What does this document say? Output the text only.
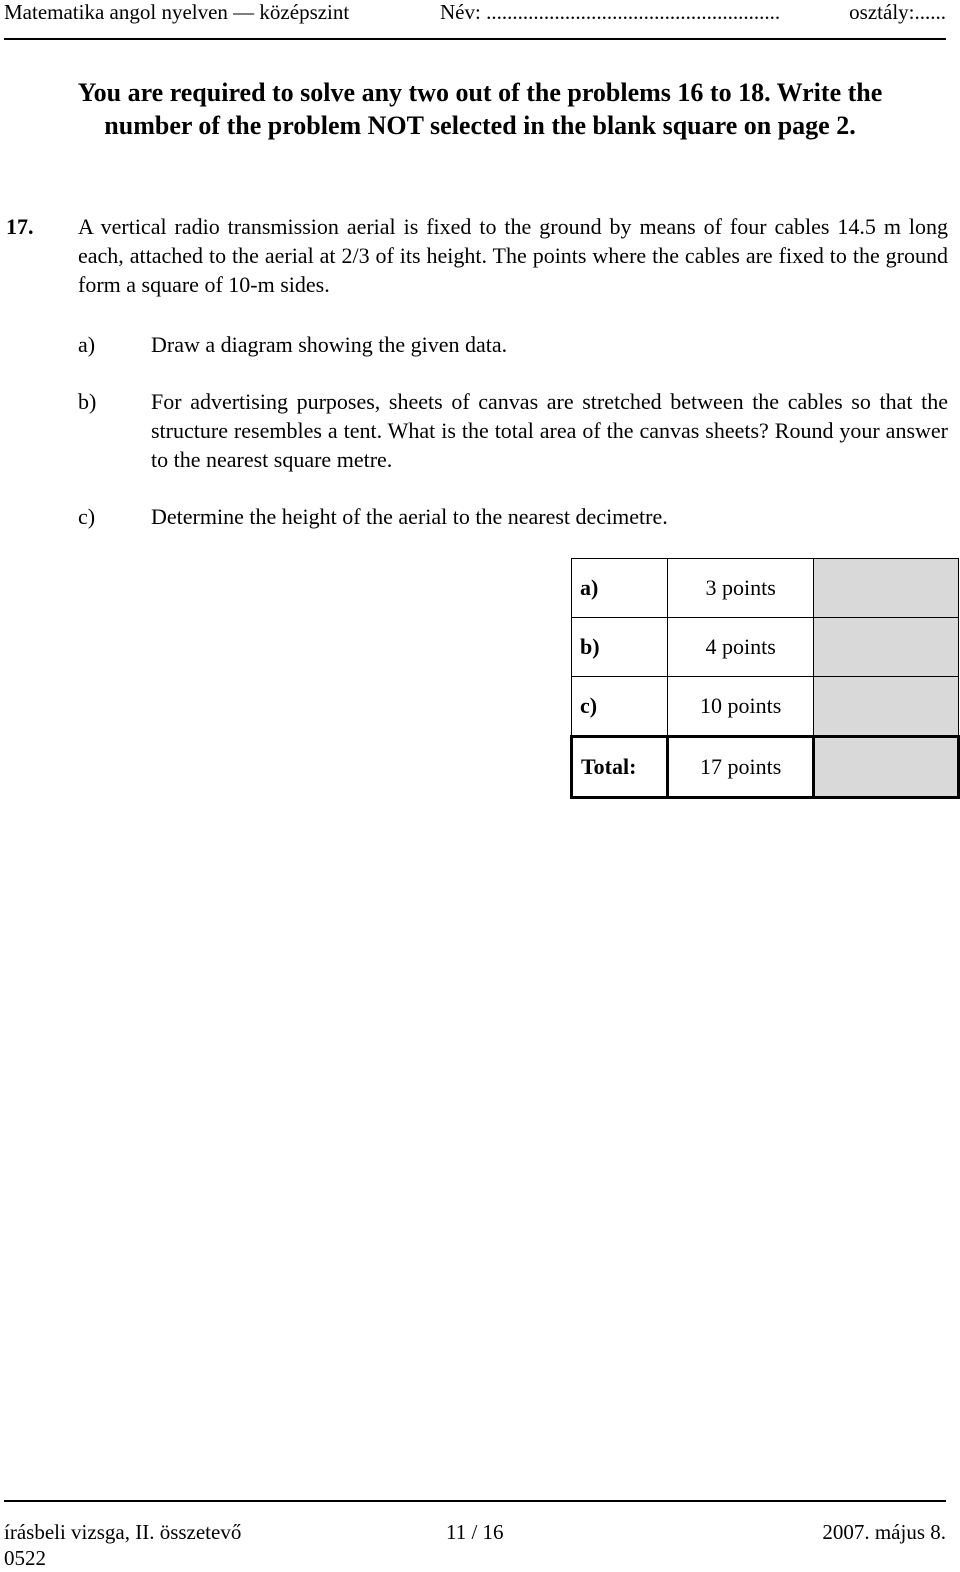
Matematika angol nyelven — középszint	Név: ........................................................	osztály:......
You are required to solve any two out of the problems 16 to 18. Write the
number of the problem NOT selected in the blank square on page 2.
17. A vertical radio transmission aerial is fixed to the ground by means of four cables 14.5 m long each, attached to the aerial at 2/3 of its height. The points where the cables are fixed to the ground form a square of 10-m sides.
a)	Draw a diagram showing the given data.
b) For advertising purposes, sheets of canvas are stretched between the cables so that the structure resembles a tent. What is the total area of the canvas sheets? Round your answer to the nearest square metre.
c)	Determine the height of the aerial to the nearest decimetre.
a)	3 points	
b)	4 points	
c)	10 points	
Total:	17 points	
írásbeli vizsga, II. összetevő
0522
11 / 16	2007. május 8.
